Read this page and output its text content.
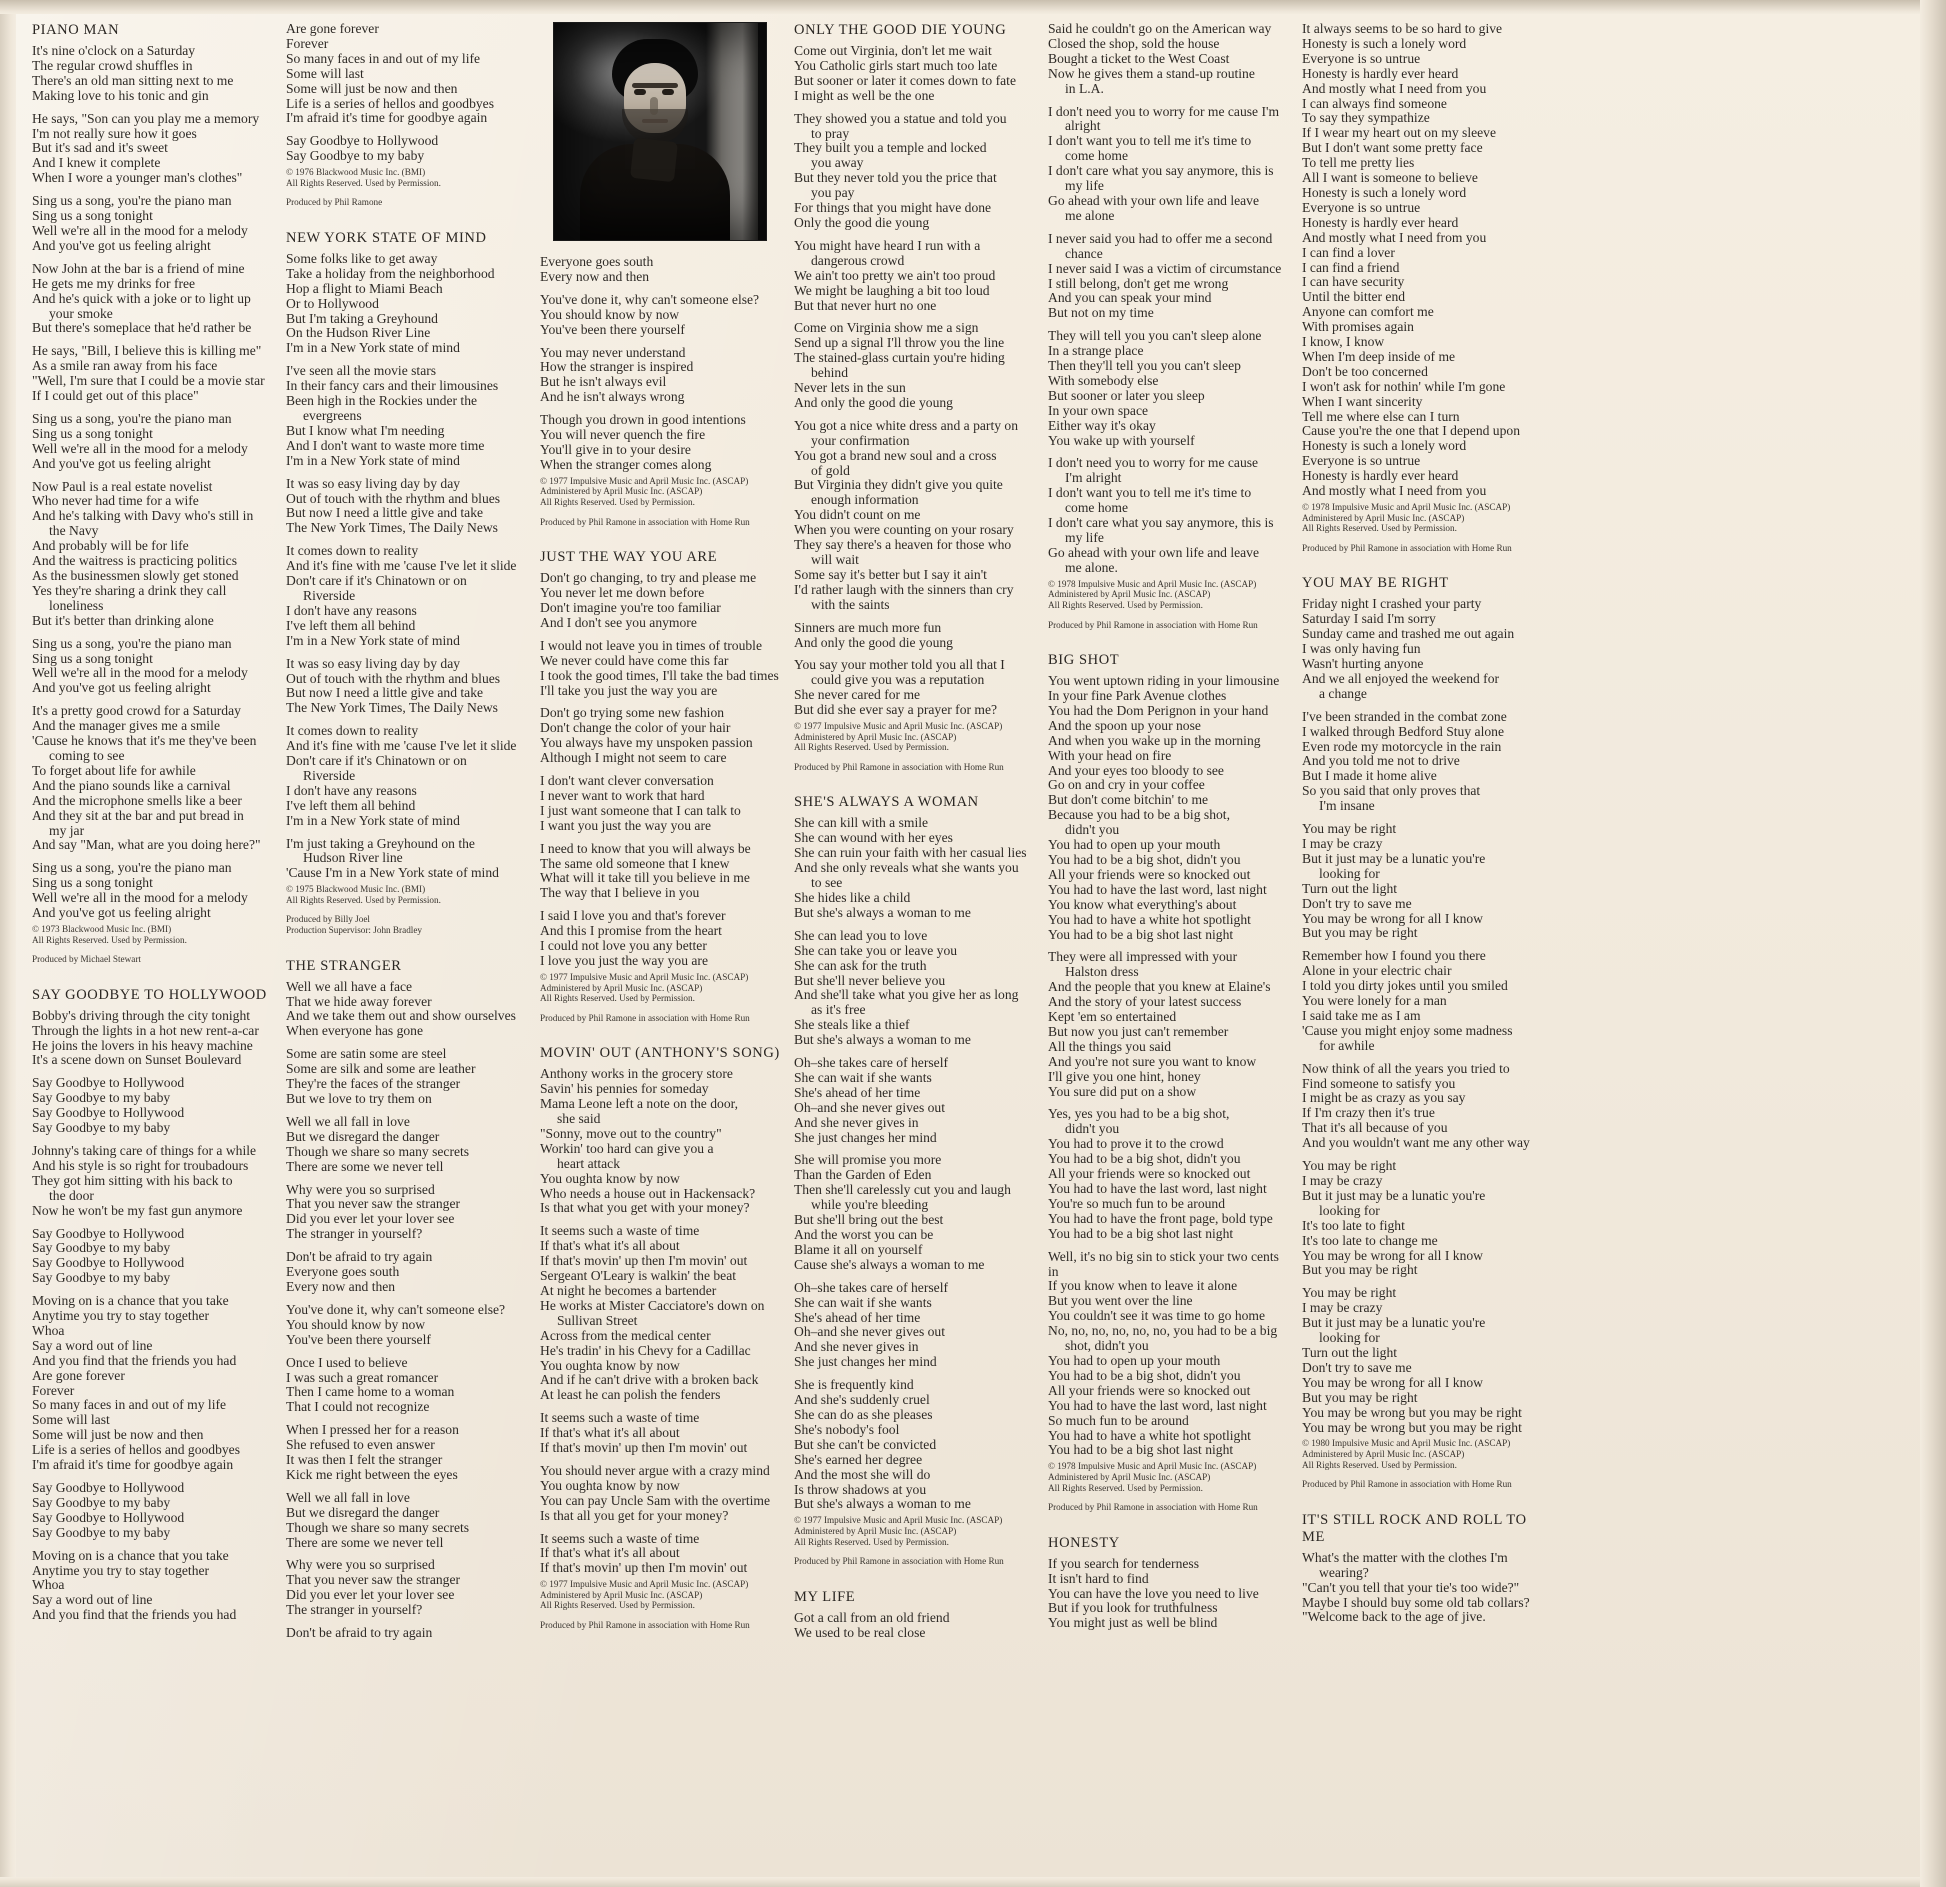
PIANO MAN
It's nine o'clock on a Saturday
The regular crowd shuffles in
There's an old man sitting next to me
Making love to his tonic and gin
He says, "Son can you play me a memory
I'm not really sure how it goes
But it's sad and it's sweet
And I knew it complete
When I wore a younger man's clothes"
Sing us a song, you're the piano man
Sing us a song tonight
Well we're all in the mood for a melody
And you've got us feeling alright
Now John at the bar is a friend of mine
He gets me my drinks for free
And he's quick with a joke or to light up
your smoke
But there's someplace that he'd rather be
He says, "Bill, I believe this is killing me"
As a smile ran away from his face
"Well, I'm sure that I could be a movie star
If I could get out of this place"
Sing us a song, you're the piano man
Sing us a song tonight
Well we're all in the mood for a melody
And you've got us feeling alright
Now Paul is a real estate novelist
Who never had time for a wife
And he's talking with Davy who's still in
the Navy
And probably will be for life
And the waitress is practicing politics
As the businessmen slowly get stoned
Yes they're sharing a drink they call
loneliness
But it's better than drinking alone
Sing us a song, you're the piano man
Sing us a song tonight
Well we're all in the mood for a melody
And you've got us feeling alright
It's a pretty good crowd for a Saturday
And the manager gives me a smile
'Cause he knows that it's me they've been
coming to see
To forget about life for awhile
And the piano sounds like a carnival
And the microphone smells like a beer
And they sit at the bar and put bread in
my jar
And say "Man, what are you doing here?"
Sing us a song, you're the piano man
Sing us a song tonight
Well we're all in the mood for a melody
And you've got us feeling alright
© 1973 Blackwood Music Inc. (BMI)
All Rights Reserved. Used by Permission.
Produced by Michael Stewart
SAY GOODBYE TO HOLLYWOOD
Bobby's driving through the city tonight
Through the lights in a hot new rent-a-car
He joins the lovers in his heavy machine
It's a scene down on Sunset Boulevard
Say Goodbye to Hollywood
Say Goodbye to my baby
Say Goodbye to Hollywood
Say Goodbye to my baby
Johnny's taking care of things for a while
And his style is so right for troubadours
They got him sitting with his back to
the door
Now he won't be my fast gun anymore
Say Goodbye to Hollywood
Say Goodbye to my baby
Say Goodbye to Hollywood
Say Goodbye to my baby
Moving on is a chance that you take
Anytime you try to stay together
Whoa
Say a word out of line
And you find that the friends you had
Are gone forever
Forever
So many faces in and out of my life
Some will last
Some will just be now and then
Life is a series of hellos and goodbyes
I'm afraid it's time for goodbye again
Say Goodbye to Hollywood
Say Goodbye to my baby
Say Goodbye to Hollywood
Say Goodbye to my baby
Moving on is a chance that you take
Anytime you try to stay together
Whoa
Say a word out of line
And you find that the friends you had
Are gone forever
Forever
So many faces in and out of my life
Some will last
Some will just be now and then
Life is a series of hellos and goodbyes
I'm afraid it's time for goodbye again
Say Goodbye to Hollywood
Say Goodbye to my baby
© 1976 Blackwood Music Inc. (BMI)
All Rights Reserved. Used by Permission.
Produced by Phil Ramone
NEW YORK STATE OF MIND
Some folks like to get away
Take a holiday from the neighborhood
Hop a flight to Miami Beach
Or to Hollywood
But I'm taking a Greyhound
On the Hudson River Line
I'm in a New York state of mind
I've seen all the movie stars
In their fancy cars and their limousines
Been high in the Rockies under the
evergreens
But I know what I'm needing
And I don't want to waste more time
I'm in a New York state of mind
It was so easy living day by day
Out of touch with the rhythm and blues
But now I need a little give and take
The New York Times, The Daily News
It comes down to reality
And it's fine with me 'cause I've let it slide
Don't care if it's Chinatown or on
Riverside
I don't have any reasons
I've left them all behind
I'm in a New York state of mind
It was so easy living day by day
Out of touch with the rhythm and blues
But now I need a little give and take
The New York Times, The Daily News
It comes down to reality
And it's fine with me 'cause I've let it slide
Don't care if it's Chinatown or on
Riverside
I don't have any reasons
I've left them all behind
I'm in a New York state of mind
I'm just taking a Greyhound on the
Hudson River line
'Cause I'm in a New York state of mind
© 1975 Blackwood Music Inc. (BMI)
All Rights Reserved. Used by Permission.
Produced by Billy Joel
Production Supervisor: John Bradley
THE STRANGER
Well we all have a face
That we hide away forever
And we take them out and show ourselves
When everyone has gone
Some are satin some are steel
Some are silk and some are leather
They're the faces of the stranger
But we love to try them on
Well we all fall in love
But we disregard the danger
Though we share so many secrets
There are some we never tell
Why were you so surprised
That you never saw the stranger
Did you ever let your lover see
The stranger in yourself?
Don't be afraid to try again
Everyone goes south
Every now and then
You've done it, why can't someone else?
You should know by now
You've been there yourself
Once I used to believe
I was such a great romancer
Then I came home to a woman
That I could not recognize
When I pressed her for a reason
She refused to even answer
It was then I felt the stranger
Kick me right between the eyes
Well we all fall in love
But we disregard the danger
Though we share so many secrets
There are some we never tell
Why were you so surprised
That you never saw the stranger
Did you ever let your lover see
The stranger in yourself?
Don't be afraid to try again
Everyone goes south
Every now and then
You've done it, why can't someone else?
You should know by now
You've been there yourself
You may never understand
How the stranger is inspired
But he isn't always evil
And he isn't always wrong
Though you drown in good intentions
You will never quench the fire
You'll give in to your desire
When the stranger comes along
© 1977 Impulsive Music and April Music Inc. (ASCAP)
Administered by April Music Inc. (ASCAP)
All Rights Reserved. Used by Permission.
Produced by Phil Ramone in association with Home Run
JUST THE WAY YOU ARE
Don't go changing, to try and please me
You never let me down before
Don't imagine you're too familiar
And I don't see you anymore
I would not leave you in times of trouble
We never could have come this far
I took the good times, I'll take the bad times
I'll take you just the way you are
Don't go trying some new fashion
Don't change the color of your hair
You always have my unspoken passion
Although I might not seem to care
I don't want clever conversation
I never want to work that hard
I just want someone that I can talk to
I want you just the way you are
I need to know that you will always be
The same old someone that I knew
What will it take till you believe in me
The way that I believe in you
I said I love you and that's forever
And this I promise from the heart
I could not love you any better
I love you just the way you are
© 1977 Impulsive Music and April Music Inc. (ASCAP)
Administered by April Music Inc. (ASCAP)
All Rights Reserved. Used by Permission.
Produced by Phil Ramone in association with Home Run
MOVIN' OUT (ANTHONY'S SONG)
Anthony works in the grocery store
Savin' his pennies for someday
Mama Leone left a note on the door,
she said
"Sonny, move out to the country"
Workin' too hard can give you a
heart attack
You oughta know by now
Who needs a house out in Hackensack?
Is that what you get with your money?
It seems such a waste of time
If that's what it's all about
If that's movin' up then I'm movin' out
Sergeant O'Leary is walkin' the beat
At night he becomes a bartender
He works at Mister Cacciatore's down on
Sullivan Street
Across from the medical center
He's tradin' in his Chevy for a Cadillac
You oughta know by now
And if he can't drive with a broken back
At least he can polish the fenders
It seems such a waste of time
If that's what it's all about
If that's movin' up then I'm movin' out
You should never argue with a crazy mind
You oughta know by now
You can pay Uncle Sam with the overtime
Is that all you get for your money?
It seems such a waste of time
If that's what it's all about
If that's movin' up then I'm movin' out
© 1977 Impulsive Music and April Music Inc. (ASCAP)
Administered by April Music Inc. (ASCAP)
All Rights Reserved. Used by Permission.
Produced by Phil Ramone in association with Home Run
ONLY THE GOOD DIE YOUNG
Come out Virginia, don't let me wait
You Catholic girls start much too late
But sooner or later it comes down to fate
I might as well be the one
They showed you a statue and told you
to pray
They built you a temple and locked
you away
But they never told you the price that
you pay
For things that you might have done
Only the good die young
You might have heard I run with a
dangerous crowd
We ain't too pretty we ain't too proud
We might be laughing a bit too loud
But that never hurt no one
Come on Virginia show me a sign
Send up a signal I'll throw you the line
The stained-glass curtain you're hiding
behind
Never lets in the sun
And only the good die young
You got a nice white dress and a party on
your confirmation
You got a brand new soul and a cross
of gold
But Virginia they didn't give you quite
enough information
You didn't count on me
When you were counting on your rosary
They say there's a heaven for those who
will wait
Some say it's better but I say it ain't
I'd rather laugh with the sinners than cry
with the saints
Sinners are much more fun
And only the good die young
You say your mother told you all that I
could give you was a reputation
She never cared for me
But did she ever say a prayer for me?
© 1977 Impulsive Music and April Music Inc. (ASCAP)
Administered by April Music Inc. (ASCAP)
All Rights Reserved. Used by Permission.
Produced by Phil Ramone in association with Home Run
SHE'S ALWAYS A WOMAN
She can kill with a smile
She can wound with her eyes
She can ruin your faith with her casual lies
And she only reveals what she wants you
to see
She hides like a child
But she's always a woman to me
She can lead you to love
She can take you or leave you
She can ask for the truth
But she'll never believe you
And she'll take what you give her as long
as it's free
She steals like a thief
But she's always a woman to me
Oh–she takes care of herself
She can wait if she wants
She's ahead of her time
Oh–and she never gives out
And she never gives in
She just changes her mind
She will promise you more
Than the Garden of Eden
Then she'll carelessly cut you and laugh
while you're bleeding
But she'll bring out the best
And the worst you can be
Blame it all on yourself
Cause she's always a woman to me
Oh–she takes care of herself
She can wait if she wants
She's ahead of her time
Oh–and she never gives out
And she never gives in
She just changes her mind
She is frequently kind
And she's suddenly cruel
She can do as she pleases
She's nobody's fool
But she can't be convicted
She's earned her degree
And the most she will do
Is throw shadows at you
But she's always a woman to me
© 1977 Impulsive Music and April Music Inc. (ASCAP)
Administered by April Music Inc. (ASCAP)
All Rights Reserved. Used by Permission.
Produced by Phil Ramone in association with Home Run
MY LIFE
Got a call from an old friend
We used to be real close
Said he couldn't go on the American way
Closed the shop, sold the house
Bought a ticket to the West Coast
Now he gives them a stand-up routine
in L.A.
I don't need you to worry for me cause I'm
alright
I don't want you to tell me it's time to
come home
I don't care what you say anymore, this is
my life
Go ahead with your own life and leave
me alone
I never said you had to offer me a second
chance
I never said I was a victim of circumstance
I still belong, don't get me wrong
And you can speak your mind
But not on my time
They will tell you you can't sleep alone
In a strange place
Then they'll tell you you can't sleep
With somebody else
But sooner or later you sleep
In your own space
Either way it's okay
You wake up with yourself
I don't need you to worry for me cause
I'm alright
I don't want you to tell me it's time to
come home
I don't care what you say anymore, this is
my life
Go ahead with your own life and leave
me alone.
© 1978 Impulsive Music and April Music Inc. (ASCAP)
Administered by April Music Inc. (ASCAP)
All Rights Reserved. Used by Permission.
Produced by Phil Ramone in association with Home Run
BIG SHOT
You went uptown riding in your limousine
In your fine Park Avenue clothes
You had the Dom Perignon in your hand
And the spoon up your nose
And when you wake up in the morning
With your head on fire
And your eyes too bloody to see
Go on and cry in your coffee
But don't come bitchin' to me
Because you had to be a big shot,
didn't you
You had to open up your mouth
You had to be a big shot, didn't you
All your friends were so knocked out
You had to have the last word, last night
You know what everything's about
You had to have a white hot spotlight
You had to be a big shot last night
They were all impressed with your
Halston dress
And the people that you knew at Elaine's
And the story of your latest success
Kept 'em so entertained
But now you just can't remember
All the things you said
And you're not sure you want to know
I'll give you one hint, honey
You sure did put on a show
Yes, yes you had to be a big shot,
didn't you
You had to prove it to the crowd
You had to be a big shot, didn't you
All your friends were so knocked out
You had to have the last word, last night
You're so much fun to be around
You had to have the front page, bold type
You had to be a big shot last night
Well, it's no big sin to stick your two cents in
If you know when to leave it alone
But you went over the line
You couldn't see it was time to go home
No, no, no, no, no, no, you had to be a big
shot, didn't you
You had to open up your mouth
You had to be a big shot, didn't you
All your friends were so knocked out
You had to have the last word, last night
So much fun to be around
You had to have a white hot spotlight
You had to be a big shot last night
© 1978 Impulsive Music and April Music Inc. (ASCAP)
Administered by April Music Inc. (ASCAP)
All Rights Reserved. Used by Permission.
Produced by Phil Ramone in association with Home Run
HONESTY
If you search for tenderness
It isn't hard to find
You can have the love you need to live
But if you look for truthfulness
You might just as well be blind
It always seems to be so hard to give
Honesty is such a lonely word
Everyone is so untrue
Honesty is hardly ever heard
And mostly what I need from you
I can always find someone
To say they sympathize
If I wear my heart out on my sleeve
But I don't want some pretty face
To tell me pretty lies
All I want is someone to believe
Honesty is such a lonely word
Everyone is so untrue
Honesty is hardly ever heard
And mostly what I need from you
I can find a lover
I can find a friend
I can have security
Until the bitter end
Anyone can comfort me
With promises again
I know, I know
When I'm deep inside of me
Don't be too concerned
I won't ask for nothin' while I'm gone
When I want sincerity
Tell me where else can I turn
Cause you're the one that I depend upon
Honesty is such a lonely word
Everyone is so untrue
Honesty is hardly ever heard
And mostly what I need from you
© 1978 Impulsive Music and April Music Inc. (ASCAP)
Administered by April Music Inc. (ASCAP)
All Rights Reserved. Used by Permission.
Produced by Phil Ramone in association with Home Run
YOU MAY BE RIGHT
Friday night I crashed your party
Saturday I said I'm sorry
Sunday came and trashed me out again
I was only having fun
Wasn't hurting anyone
And we all enjoyed the weekend for
a change
I've been stranded in the combat zone
I walked through Bedford Stuy alone
Even rode my motorcycle in the rain
And you told me not to drive
But I made it home alive
So you said that only proves that
I'm insane
You may be right
I may be crazy
But it just may be a lunatic you're
looking for
Turn out the light
Don't try to save me
You may be wrong for all I know
But you may be right
Remember how I found you there
Alone in your electric chair
I told you dirty jokes until you smiled
You were lonely for a man
I said take me as I am
'Cause you might enjoy some madness
for awhile
Now think of all the years you tried to
Find someone to satisfy you
I might be as crazy as you say
If I'm crazy then it's true
That it's all because of you
And you wouldn't want me any other way
You may be right
I may be crazy
But it just may be a lunatic you're
looking for
It's too late to fight
It's too late to change me
You may be wrong for all I know
But you may be right
You may be right
I may be crazy
But it just may be a lunatic you're
looking for
Turn out the light
Don't try to save me
You may be wrong for all I know
But you may be right
You may be wrong but you may be right
You may be wrong but you may be right
© 1980 Impulsive Music and April Music Inc. (ASCAP)
Administered by April Music Inc. (ASCAP)
All Rights Reserved. Used by Permission.
Produced by Phil Ramone in association with Home Run
IT'S STILL ROCK AND ROLL TO ME
What's the matter with the clothes I'm
wearing?
"Can't you tell that your tie's too wide?"
Maybe I should buy some old tab collars?
"Welcome back to the age of jive.
